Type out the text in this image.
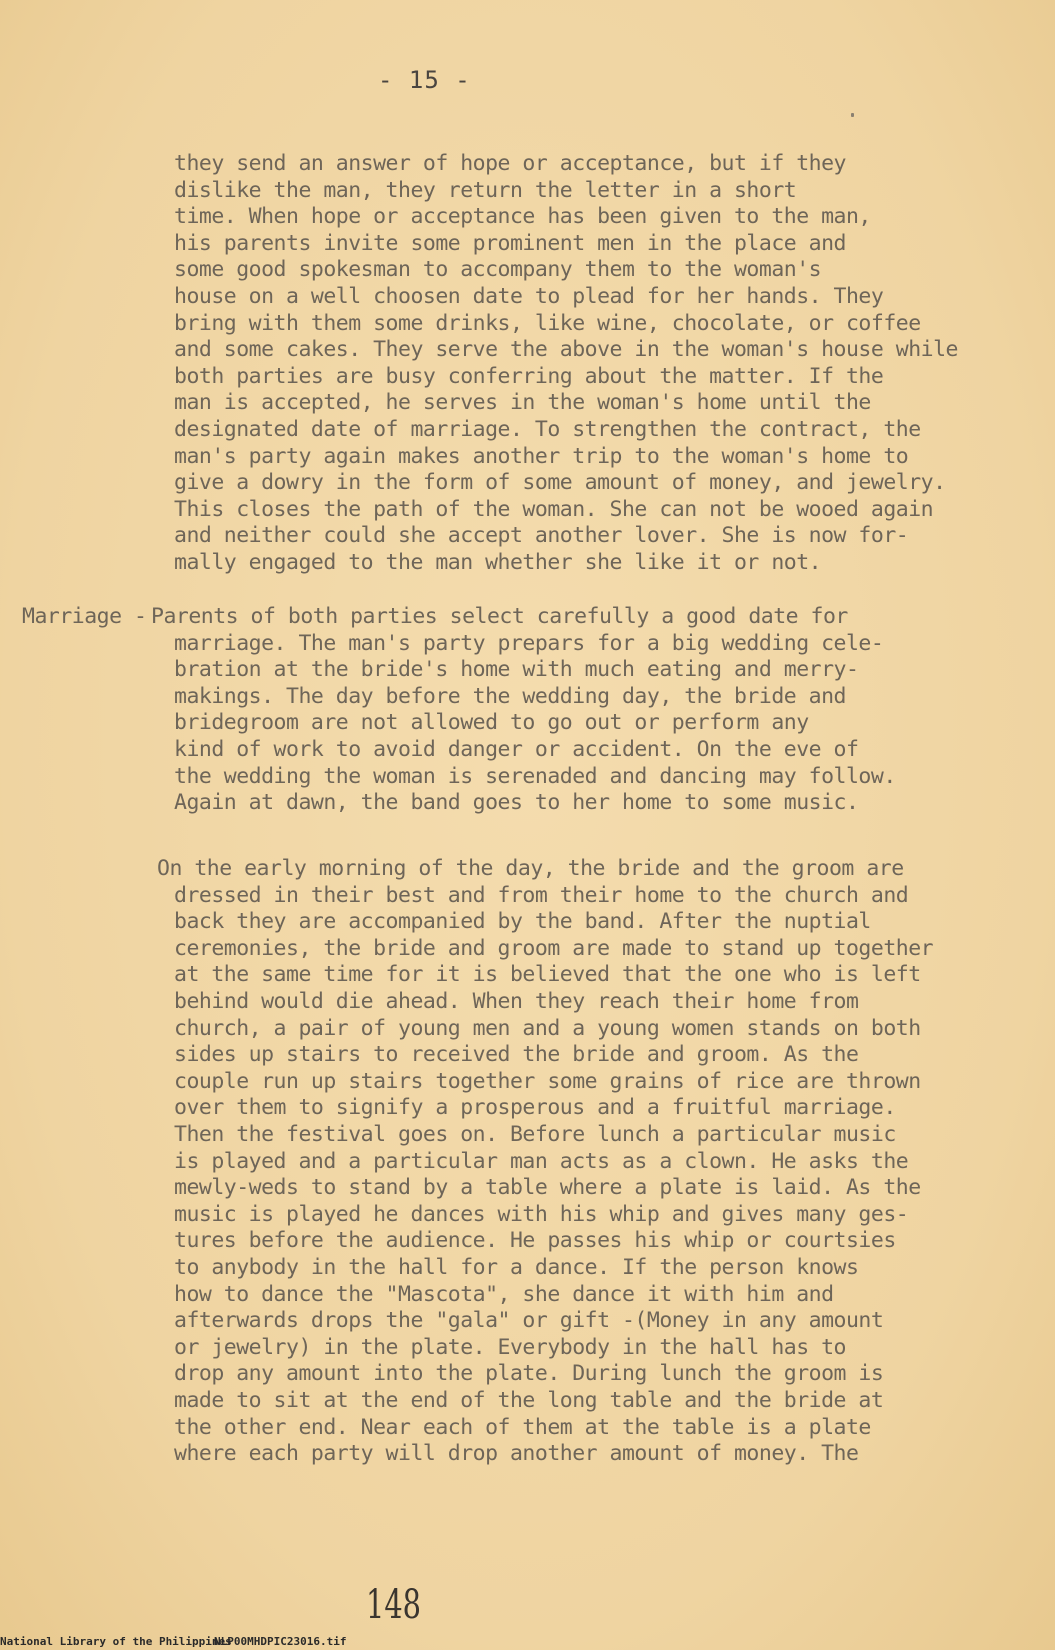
- 15 -
they send an answer of hope or acceptance, but if they
dislike the man, they return the letter in a short
time. When hope or acceptance has been given to the man,
his parents invite some prominent men in the place and
some good spokesman to accompany them to the woman's
house on a well choosen date to plead for her hands. They
bring with them some drinks, like wine, chocolate, or coffee
and some cakes. They serve the above in the woman's house while
both parties are busy conferring about the matter. If the
man is accepted, he serves in the woman's home until the
designated date of marriage. To strengthen the contract, the
man's party again makes another trip to the woman's home to
give a dowry in the form of some amount of money, and jewelry.
This closes the path of the woman. She can not be wooed again
and neither could she accept another lover. She is now for-
mally engaged to the man whether she like it or not.
Marriage - Parents of both parties select carefully a good date for
marriage. The man's party prepars for a big wedding cele-
bration at the bride's home with much eating and merry-
makings. The day before the wedding day, the bride and
bridegroom are not allowed to go out or perform any
kind of work to avoid danger or accident. On the eve of
the wedding the woman is serenaded and dancing may follow.
Again at dawn, the band goes to her home to some music.
On the early morning of the day, the bride and the groom are
dressed in their best and from their home to the church and
back they are accompanied by the band. After the nuptial
ceremonies, the bride and groom are made to stand up together
at the same time for it is believed that the one who is left
behind would die ahead. When they reach their home from
church, a pair of young men and a young women stands on both
sides up stairs to received the bride and groom. As the
couple run up stairs together some grains of rice are thrown
over them to signify a prosperous and a fruitful marriage.
Then the festival goes on. Before lunch a particular music
is played and a particular man acts as a clown. He asks the
mewly-weds to stand by a table where a plate is laid. As the
music is played he dances with his whip and gives many ges-
tures before the audience. He passes his whip or courtsies
to anybody in the hall for a dance. If the person knows
how to dance the "Mascota", she dance it with him and
afterwards drops the "gala" or gift -(Money in any amount
or jewelry) in the plate. Everybody in the hall has to
drop any amount into the plate. During lunch the groom is
made to sit at the end of the long table and the bride at
the other end. Near each of them at the table is a plate
where each party will drop another amount of money. The
148
National Library of the Philippines
NLP00MHDPIC23016.tif
